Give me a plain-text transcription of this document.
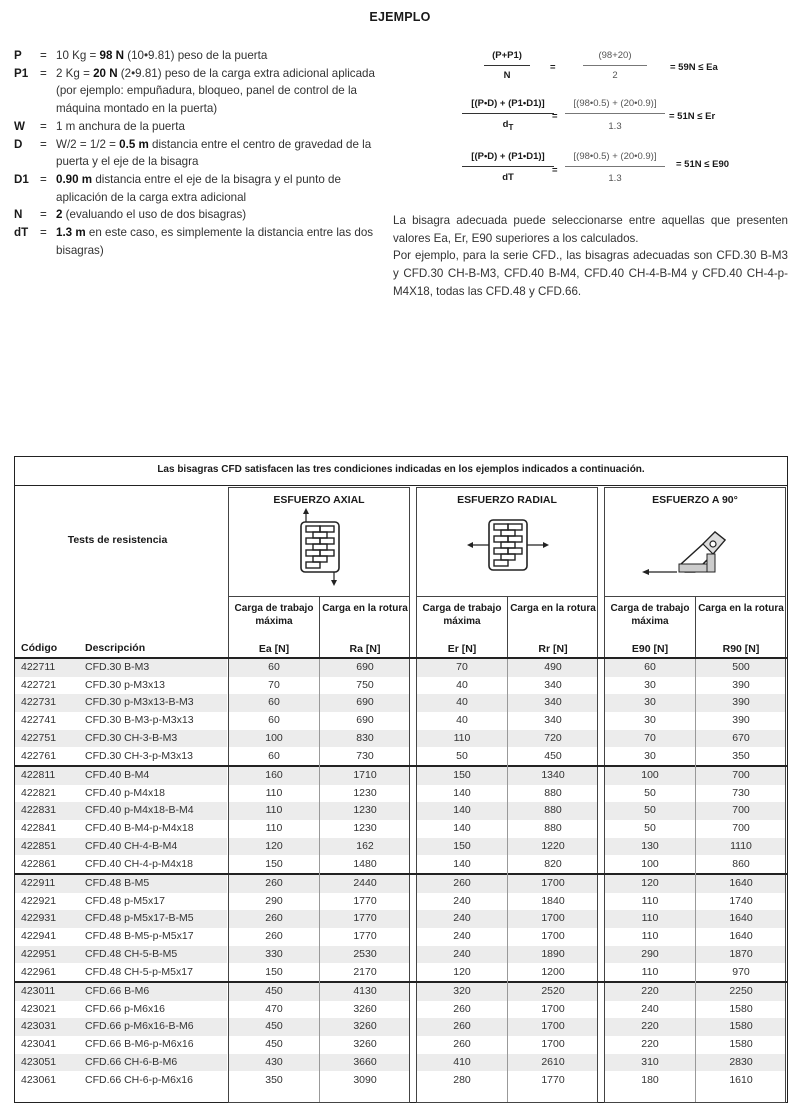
EJEMPLO
P	= 10 Kg = 98 N (10•9.81) peso de la puerta
P1	= 2 Kg = 20 N (2•9.81) peso de la carga extra adicional aplicada (por ejemplo: empuñadura, bloqueo, panel de control de la máquina montado en la puerta)
W	= 1 m anchura de la puerta
D	= W/2 = 1/2 = 0.5 m distancia entre el centro de gravedad de la puerta y el eje de la bisagra
D1 = 0.90 m distancia entre el eje de la bisagra y el punto de aplicación de la carga extra adicional
N	= 2 (evaluando el uso de dos bisagras)
dT	= 1.3 m en este caso, es simplemente la distancia entre las dos bisagras)
(P+P1)
N
=
(98+20)
2
= 59N ≤ Ea
[(P•D) + (P1•D1)]
$d_T$
=
[(98•0.5) + (20•0.9)]
1.3
= 51N ≤ Er
[(P•D) + (P1•D1)]
dT
=
[(98•0.5) + (20•0.9)]
1.3
= 51N ≤ E90

La bisagra adecuada puede seleccionarse entre aquellas que presenten valores Ea, Er, E90 superiores a los calculados.

Por ejemplo, para la serie CFD., las bisagras adecuadas son CFD.30 B-M3 y CFD.30 CH-B-M3, CFD.40 B-M4, CFD.40 CH-4-B-M4 y CFD.40 CH-4-p-M4X18, todas las CFD.48 y CFD.66.

Las bisagras CFD satisfacen las tres condiciones indicadas en los ejemplos indicados a continuación.
Tests de resistencia
ESFUERZO AXIAL
Carga de trabajo máxima
Carga en la rotura
Ea [N]	Ra [N]
ESFUERZO RADIAL
Carga de trabajo máxima
Carga en la rotura
Er [N]	Rr [N]
ESFUERZO A 90°
Carga de trabajo máxima
Carga en la rotura
E90 [N]	R90 [N]
Código	Descripción
422711	CFD.30 B-M3	60	690	70	490	60	500
422721	CFD.30 p-M3x13	70	750	40	340	30	390
422731	CFD.30 p-M3x13-B-M3	60	690	40	340	30	390
422741	CFD.30 B-M3-p-M3x13	60	690	40	340	30	390
422751	CFD.30 CH-3-B-M3	100	830	110	720	70	670
422761	CFD.30 CH-3-p-M3x13	60	730	50	450	30	350
422811	CFD.40 B-M4	160	1710	150	1340	100	700
422821	CFD.40 p-M4x18	110	1230	140	880	50	730
422831	CFD.40 p-M4x18-B-M4	110	1230	140	880	50	700
422841	CFD.40 B-M4-p-M4x18	110	1230	140	880	50	700
422851	CFD.40 CH-4-B-M4	120	162	150	1220	130	1110
422861	CFD.40 CH-4-p-M4x18	150	1480	140	820	100	860
422911	CFD.48 B-M5	260	2440	260	1700	120	1640
422921	CFD.48 p-M5x17	290	1770	240	1840	110	1740
422931	CFD.48 p-M5x17-B-M5	260	1770	240	1700	110	1640
422941	CFD.48 B-M5-p-M5x17	260	1770	240	1700	110	1640
422951	CFD.48 CH-5-B-M5	330	2530	240	1890	290	1870
422961	CFD.48 CH-5-p-M5x17	150	2170	120	1200	110	970
423011	CFD.66 B-M6	450	4130	320	2520	220	2250
423021	CFD.66 p-M6x16	470	3260	260	1700	240	1580
423031	CFD.66 p-M6x16-B-M6	450	3260	260	1700	220	1580
423041	CFD.66 B-M6-p-M6x16	450	3260	260	1700	220	1580
423051	CFD.66 CH-6-B-M6	430	3660	410	2610	310	2830
423061	CFD.66 CH-6-p-M6x16	350	3090	280	1770	180	1610
